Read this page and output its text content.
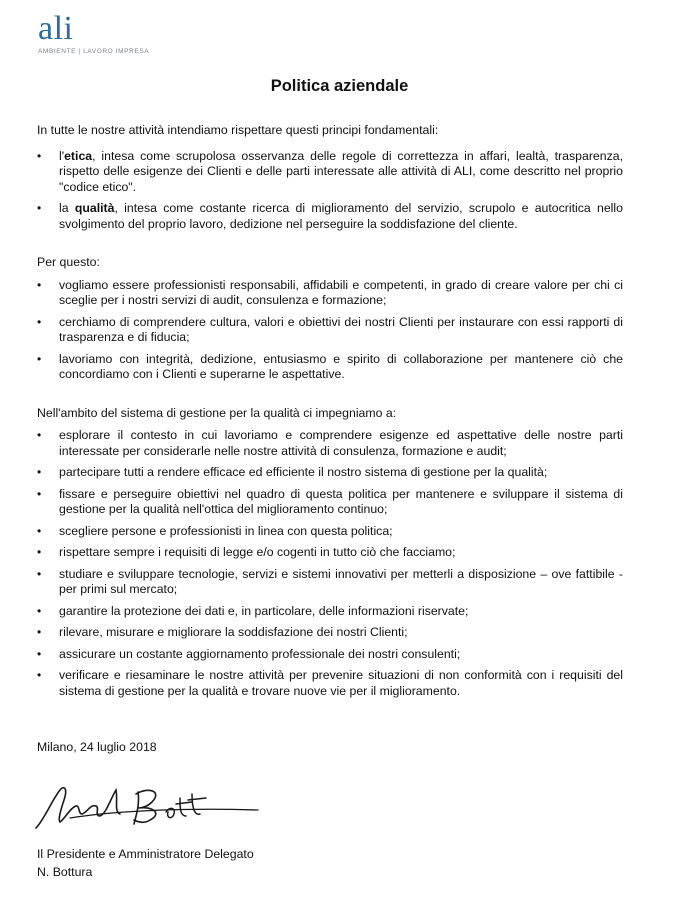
ali
AMBIENTE | LAVORO IMPRESA
Politica aziendale

In tutte le nostre attività intendiamo rispettare questi principi fondamentali:

• l'etica, intesa come scrupolosa osservanza delle regole di correttezza in affari, lealtà, trasparenza, rispetto delle esigenze dei Clienti e delle parti interessate alle attività di ALI, come descritto nel proprio "codice etico".
• la qualità, intesa come costante ricerca di miglioramento del servizio, scrupolo e autocritica nello svolgimento del proprio lavoro, dedizione nel perseguire la soddisfazione del cliente.

Per questo:

• vogliamo essere professionisti responsabili, affidabili e competenti, in grado di creare valore per chi ci sceglie per i nostri servizi di audit, consulenza e formazione;
• cerchiamo di comprendere cultura, valori e obiettivi dei nostri Clienti per instaurare con essi rapporti di trasparenza e di fiducia;
• lavoriamo con integrità, dedizione, entusiasmo e spirito di collaborazione per mantenere ciò che concordiamo con i Clienti e superarne le aspettative.

Nell'ambito del sistema di gestione per la qualità ci impegniamo a:

• esplorare il contesto in cui lavoriamo e comprendere esigenze ed aspettative delle nostre parti interessate per considerarle nelle nostre attività di consulenza, formazione e audit;
• partecipare tutti a rendere efficace ed efficiente il nostro sistema di gestione per la qualità;
• fissare e perseguire obiettivi nel quadro di questa politica per mantenere e sviluppare il sistema di gestione per la qualità nell'ottica del miglioramento continuo;
• scegliere persone e professionisti in linea con questa politica;
• rispettare sempre i requisiti di legge e/o cogenti in tutto ciò che facciamo;
• studiare e sviluppare tecnologie, servizi e sistemi innovativi per metterli a disposizione – ove fattibile - per primi sul mercato;
• garantire la protezione dei dati e, in particolare, delle informazioni riservate;
• rilevare, misurare e migliorare la soddisfazione dei nostri Clienti;
• assicurare un costante aggiornamento professionale dei nostri consulenti;
• verificare e riesaminare le nostre attività per prevenire situazioni di non conformità con i requisiti del sistema di gestione per la qualità e trovare nuove vie per il miglioramento.
Milano, 24 luglio 2018
Il Presidente e Amministratore Delegato
N. Bottura
